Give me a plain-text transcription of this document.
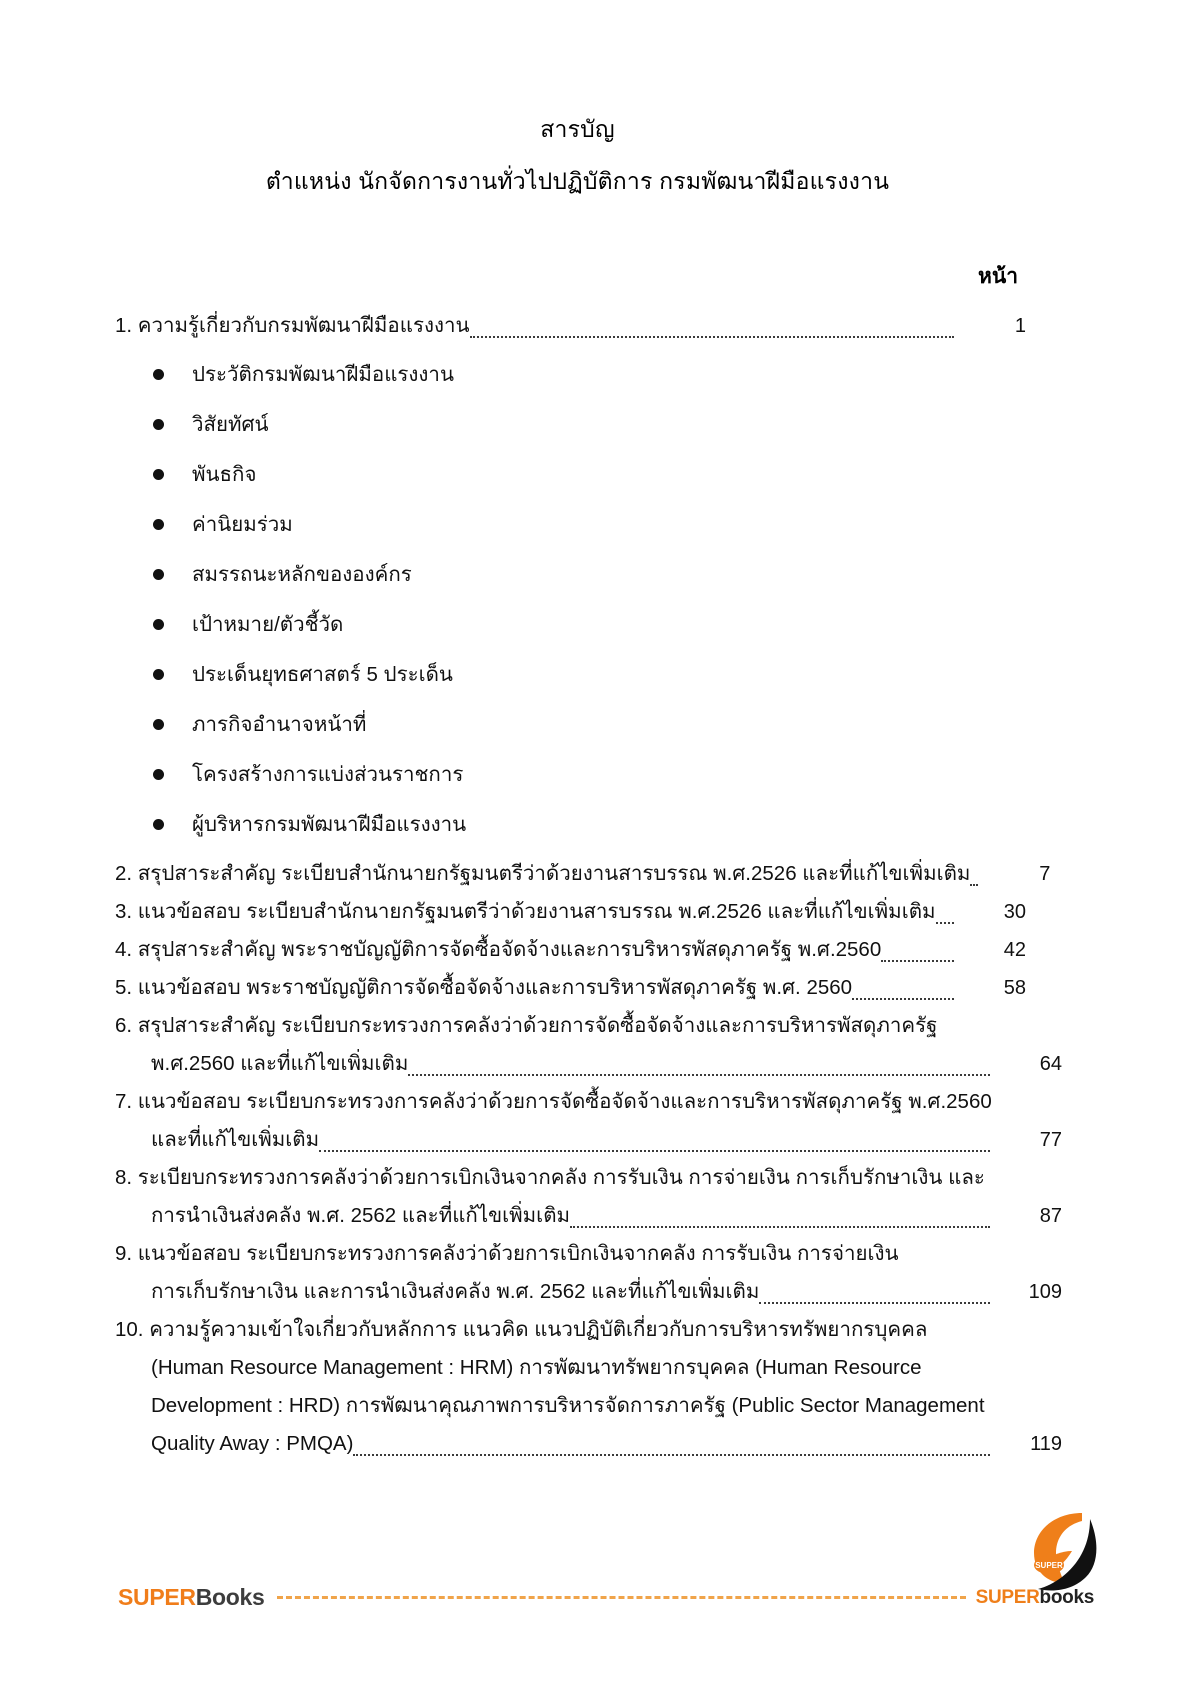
สารบัญ
ตำแหน่ง นักจัดการงานทั่วไปปฏิบัติการ กรมพัฒนาฝีมือแรงงาน
หน้า
1. ความรู้เกี่ยวกับกรมพัฒนาฝีมือแรงงาน	1
ประวัติกรมพัฒนาฝีมือแรงงาน
วิสัยทัศน์
พันธกิจ
ค่านิยมร่วม
สมรรถนะหลักขององค์กร
เป้าหมาย/ตัวชี้วัด
ประเด็นยุทธศาสตร์ 5 ประเด็น
ภารกิจอำนาจหน้าที่
โครงสร้างการแบ่งส่วนราชการ
ผู้บริหารกรมพัฒนาฝีมือแรงงาน
2. สรุปสาระสำคัญ ระเบียบสำนักนายกรัฐมนตรีว่าด้วยงานสารบรรณ พ.ศ.2526 และที่แก้ไขเพิ่มเติม	7
3. แนวข้อสอบ ระเบียบสำนักนายกรัฐมนตรีว่าด้วยงานสารบรรณ พ.ศ.2526 และที่แก้ไขเพิ่มเติม	30
4. สรุปสาระสำคัญ พระราชบัญญัติการจัดซื้อจัดจ้างและการบริหารพัสดุภาครัฐ พ.ศ.2560	42
5. แนวข้อสอบ พระราชบัญญัติการจัดซื้อจัดจ้างและการบริหารพัสดุภาครัฐ พ.ศ. 2560	58
6. สรุปสาระสำคัญ ระเบียบกระทรวงการคลังว่าด้วยการจัดซื้อจัดจ้างและการบริหารพัสดุภาครัฐ
พ.ศ.2560 และที่แก้ไขเพิ่มเติม	64
7. แนวข้อสอบ ระเบียบกระทรวงการคลังว่าด้วยการจัดซื้อจัดจ้างและการบริหารพัสดุภาครัฐ พ.ศ.2560
และที่แก้ไขเพิ่มเติม	77
8. ระเบียบกระทรวงการคลังว่าด้วยการเบิกเงินจากคลัง การรับเงิน การจ่ายเงิน การเก็บรักษาเงิน และ
การนำเงินส่งคลัง พ.ศ. 2562 และที่แก้ไขเพิ่มเติม	87
9. แนวข้อสอบ ระเบียบกระทรวงการคลังว่าด้วยการเบิกเงินจากคลัง การรับเงิน การจ่ายเงิน
การเก็บรักษาเงิน และการนำเงินส่งคลัง พ.ศ. 2562 และที่แก้ไขเพิ่มเติม	109
10. ความรู้ความเข้าใจเกี่ยวกับหลักการ แนวคิด แนวปฏิบัติเกี่ยวกับการบริหารทรัพยากรบุคคล
(Human Resource Management : HRM) การพัฒนาทรัพยากรบุคคล (Human Resource
Development : HRD) การพัฒนาคุณภาพการบริหารจัดการภาครัฐ (Public Sector Management
Quality Away : PMQA)	119
SUPER
SUPERBooks	SUPERbooks
